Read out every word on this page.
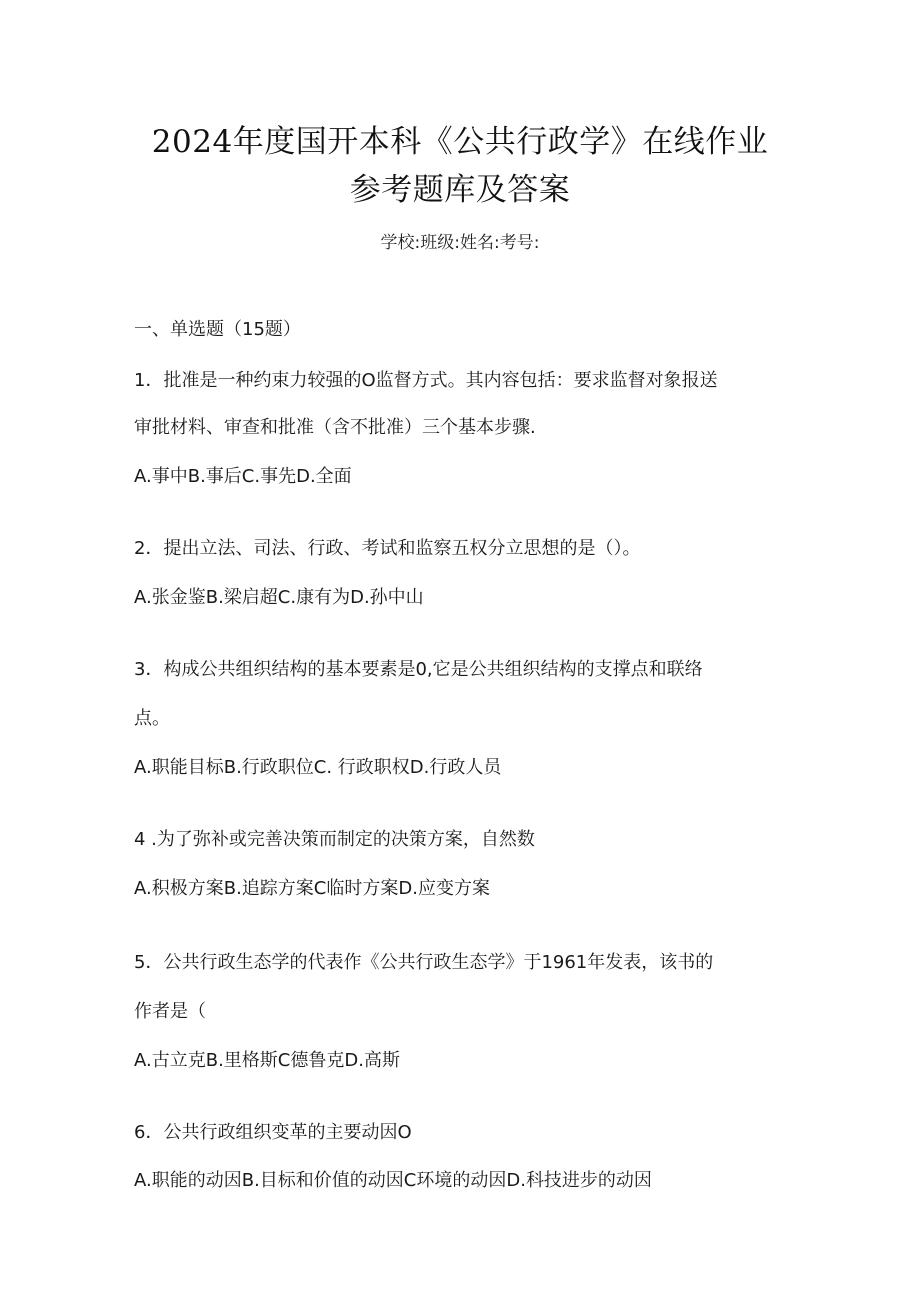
2024年度国开本科《公共行政学》在线作业
参考题库及答案
学校:班级:姓名:考号:
一、单选题（15题）
1．批准是一种约束力较强的O监督方式。其内容包括：要求监督对象报送
审批材料、审查和批准（含不批准）三个基本步骤.
A.事中B.事后C.事先D.全面
2．提出立法、司法、行政、考试和监察五权分立思想的是（）。
A.张金鉴B.梁启超C.康有为D.孙中山
3．构成公共组织结构的基本要素是0,它是公共组织结构的支撑点和联络
点。
A.职能目标B.行政职位C. 行政职权D.行政人员
4 .为了弥补或完善决策而制定的决策方案，自然数
A.积极方案B.追踪方案C临时方案D.应变方案
5．公共行政生态学的代表作《公共行政生态学》于1961年发表，该书的
作者是（
A.古立克B.里格斯C德鲁克D.高斯
6．公共行政组织变革的主要动因O
A.职能的动因B.目标和价值的动因C环境的动因D.科技进步的动因
